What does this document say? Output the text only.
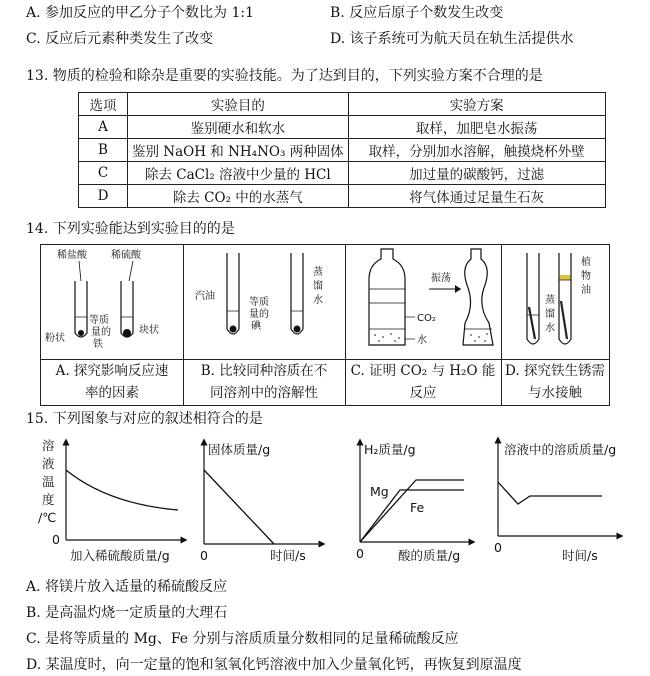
A. 参加反应的甲乙分子个数比为 1:1	B. 反应后原子个数发生改变
C. 反应后元素种类发生了改变	D. 该子系统可为航天员在轨生活提供水
13. 物质的检验和除杂是重要的实验技能。为了达到目的，下列实验方案不合理的是
选项	实验目的	实验方案
A	鉴别硬水和软水	取样，加肥皂水振荡
B	鉴别 NaOH 和 NH₄NO₃ 两种固体	取样，分别加水溶解，触摸烧杯外壁
C	除去 CaCl₂ 溶液中少量的 HCl	加过量的碳酸钙，过滤
D	除去 CO₂ 中的水蒸气	将气体通过足量生石灰
14. 下列实验能达到实验目的的是
稀盐酸 稀硫酸
粉状
等质
量的
铁
块状
A. 探究影响反应速
率的因素
汽油
等质
量的
碘
蒸
馏
水
B. 比较同种溶质在不
同溶剂中的溶解性
CO₂
水
振荡
C. 证明 CO₂ 与 H₂O 能
反应
蒸
馏
水
植
物
油
D. 探究铁生锈需
与水接触
15. 下列图象与对应的叙述相符合的是
溶
液
温
度
/℃
0
加入稀硫酸质量/g
固体质量/g
0	时间/s
H₂质量/g
Mg
Fe
0	酸的质量/g
溶液中的溶质质量/g
0
时间/s
A. 将镁片放入适量的稀硫酸反应
B. 是高温灼烧一定质量的大理石
C. 是将等质量的 Mg、Fe 分别与溶质质量分数相同的足量稀硫酸反应
D. 某温度时，向一定量的饱和氢氧化钙溶液中加入少量氧化钙，再恢复到原温度
